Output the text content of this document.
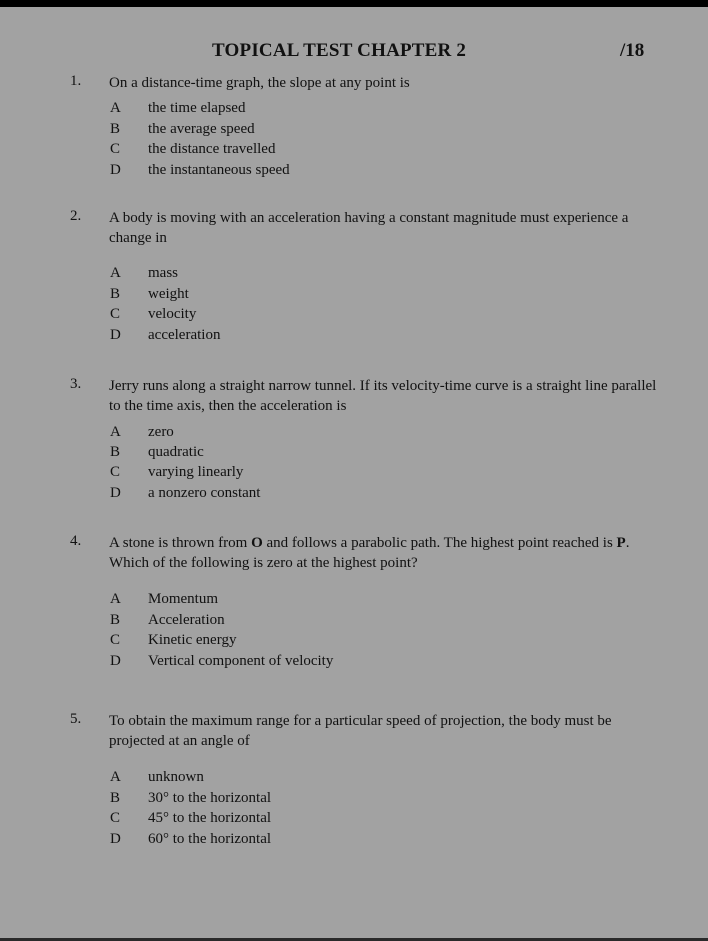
TOPICAL TEST CHAPTER 2	/18
1. On a distance-time graph, the slope at any point is
A the time elapsed
B the average speed
C the distance travelled
D the instantaneous speed
2. A body is moving with an acceleration having a constant magnitude must experience a change in
A mass
B weight
C velocity
D acceleration
3. Jerry runs along a straight narrow tunnel. If its velocity-time curve is a straight line parallel to the time axis, then the acceleration is
A zero
B quadratic
C varying linearly
D a nonzero constant
4. A stone is thrown from O and follows a parabolic path. The highest point reached is P.
Which of the following is zero at the highest point?
A Momentum
B Acceleration
C Kinetic energy
D Vertical component of velocity
5. To obtain the maximum range for a particular speed of projection, the body must be projected at an angle of
A unknown
B 30° to the horizontal
C 45° to the horizontal
D 60° to the horizontal
